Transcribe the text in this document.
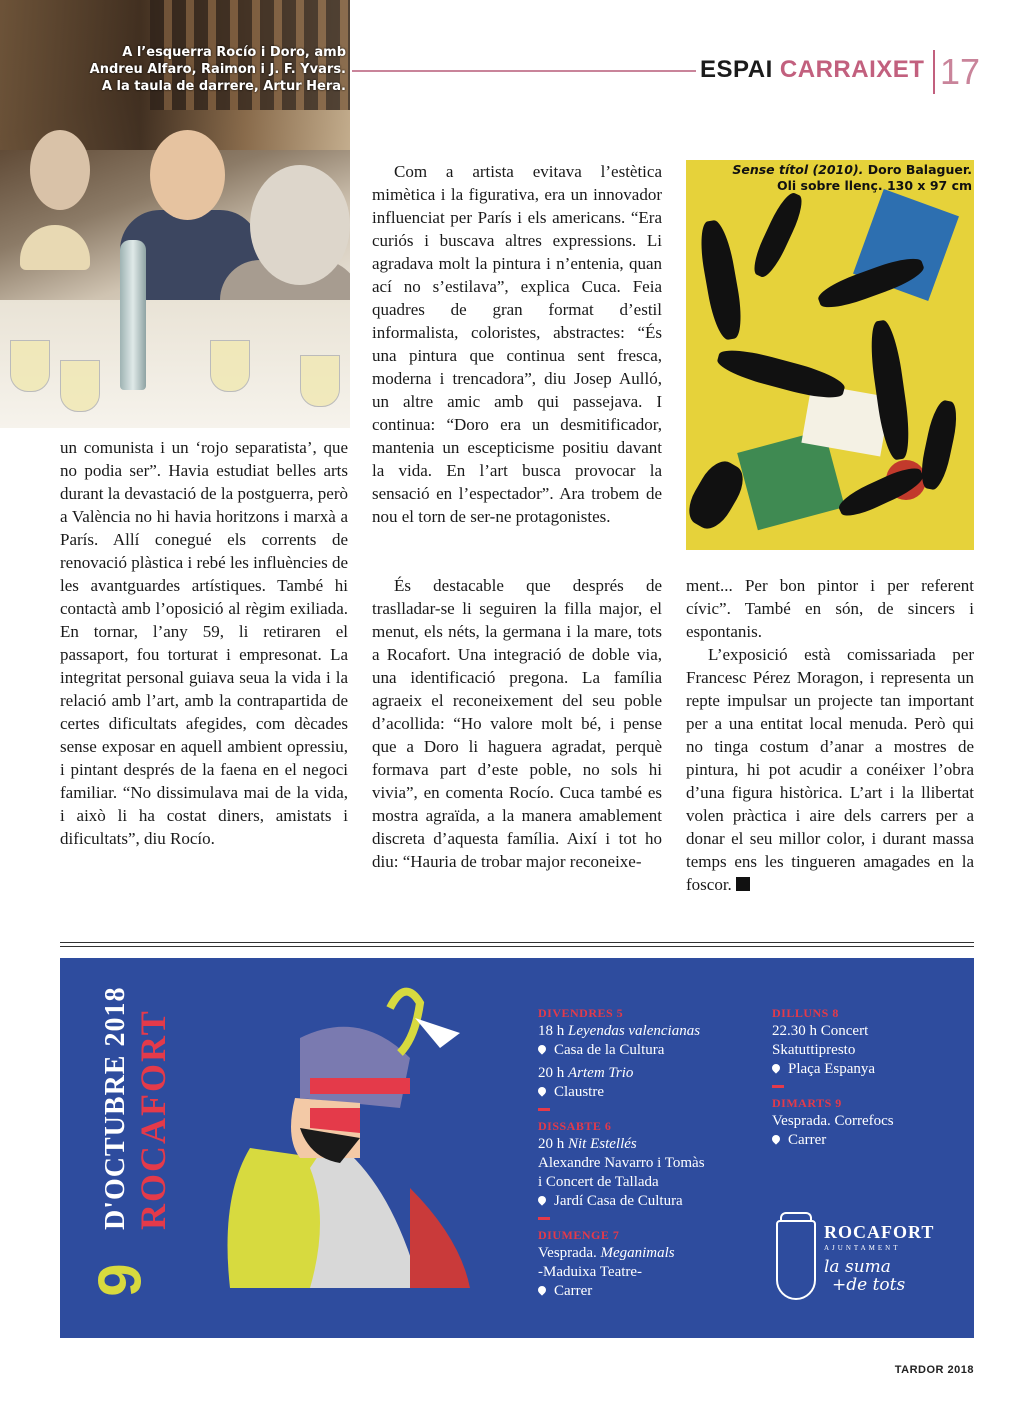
ESPAI CARRAIXET 17
A l’esquerra Rocío i Doro, amb
Andreu Alfaro, Raimon i J. F. Yvars.
A la taula de darrere, Artur Hera.
Sense títol (2010). Doro Balaguer.
Oli sobre llenç. 130 x 97 cm

un comunista i un ‘rojo separatista’, que no podia ser”. Havia estudiat belles arts durant la devastació de la postguerra, però a València no hi havia horitzons i marxà a París. Allí conegué els corrents de renovació plàstica i rebé les influències de les avantguardes artístiques. També hi contactà amb l’oposició al règim exiliada. En tornar, l’any 59, li retiraren el passaport, fou torturat i empresonat. La integritat personal guiava seua la vida i la relació amb l’art, amb la contrapartida de certes dificultats afegides, com dècades sense exposar en aquell ambient opressiu, i pintant després de la faena en el negoci familiar. “No dissimulava mai de la vida, i això li ha costat diners, amistats i dificultats”, diu Rocío.

Com a artista evitava l’estètica mimètica i la figurativa, era un innovador influenciat per París i els americans. “Era curiós i buscava altres expressions. Li agradava molt la pintura i n’entenia, quan ací no s’estilava”, explica Cuca. Feia quadres de gran format d’estil informalista, coloristes, abstractes: “És una pintura que continua sent fresca, moderna i trencadora”, diu Josep Aulló, un altre amic amb qui passejava. I continua: “Doro era un desmitificador, mantenia un escepticisme positiu davant la vida. En l’art busca provocar la sensació en l’espectador”. Ara trobem de nou el torn de ser-ne protagonistes.

És destacable que després de traslladar-se li seguiren la filla major, el menut, els néts, la germana i la mare, tots a Rocafort. Una integració de doble via, una identificació pregona. La família agraeix el reconeixement del seu poble d’acollida: “Ho valore molt bé, i pense que a Doro li haguera agradat, perquè formava part d’este poble, no sols hi vivia”, en comenta Rocío. Cuca també es mostra agraïda, a la manera amablement discreta d’aquesta família. Així i tot ho diu: “Hauria de trobar major reconeixe-

ment... Per bon pintor i per referent cívic”. També en són, de sincers i espontanis.

L’exposició està comissariada per Francesc Pérez Moragon, i representa un repte impulsar un projecte tan important per a una entitat local menuda. Però qui no tinga costum d’anar a mostres de pintura, hi pot acudir a conéixer l’obra d’una figura històrica. L’art i la llibertat volen pràctica i aire dels carrers per a donar el seu millor color, i durant massa temps ens les tingueren amagades en la foscor.

D'OCTUBRE 2018 ROCAFORT
9
DIVENDRES 5
18 h Leyendas valencianas
Casa de la Cultura
20 h Artem Trio
Claustre
DISSABTE 6
20 h Nit Estellés
Alexandre Navarro i Tomàs
i Concert de Tallada
Jardí Casa de Cultura
DIUMENGE 7
Vesprada. Meganimals
-Maduixa Teatre-
Carrer
DILLUNS 8
22.30 h Concert
Skatuttipresto
Plaça Espanya
DIMARTS 9
Vesprada. Correfocs
Carrer
ROCAFORT
AJUNTAMENT
la suma
+de tots
TARDOR 2018
